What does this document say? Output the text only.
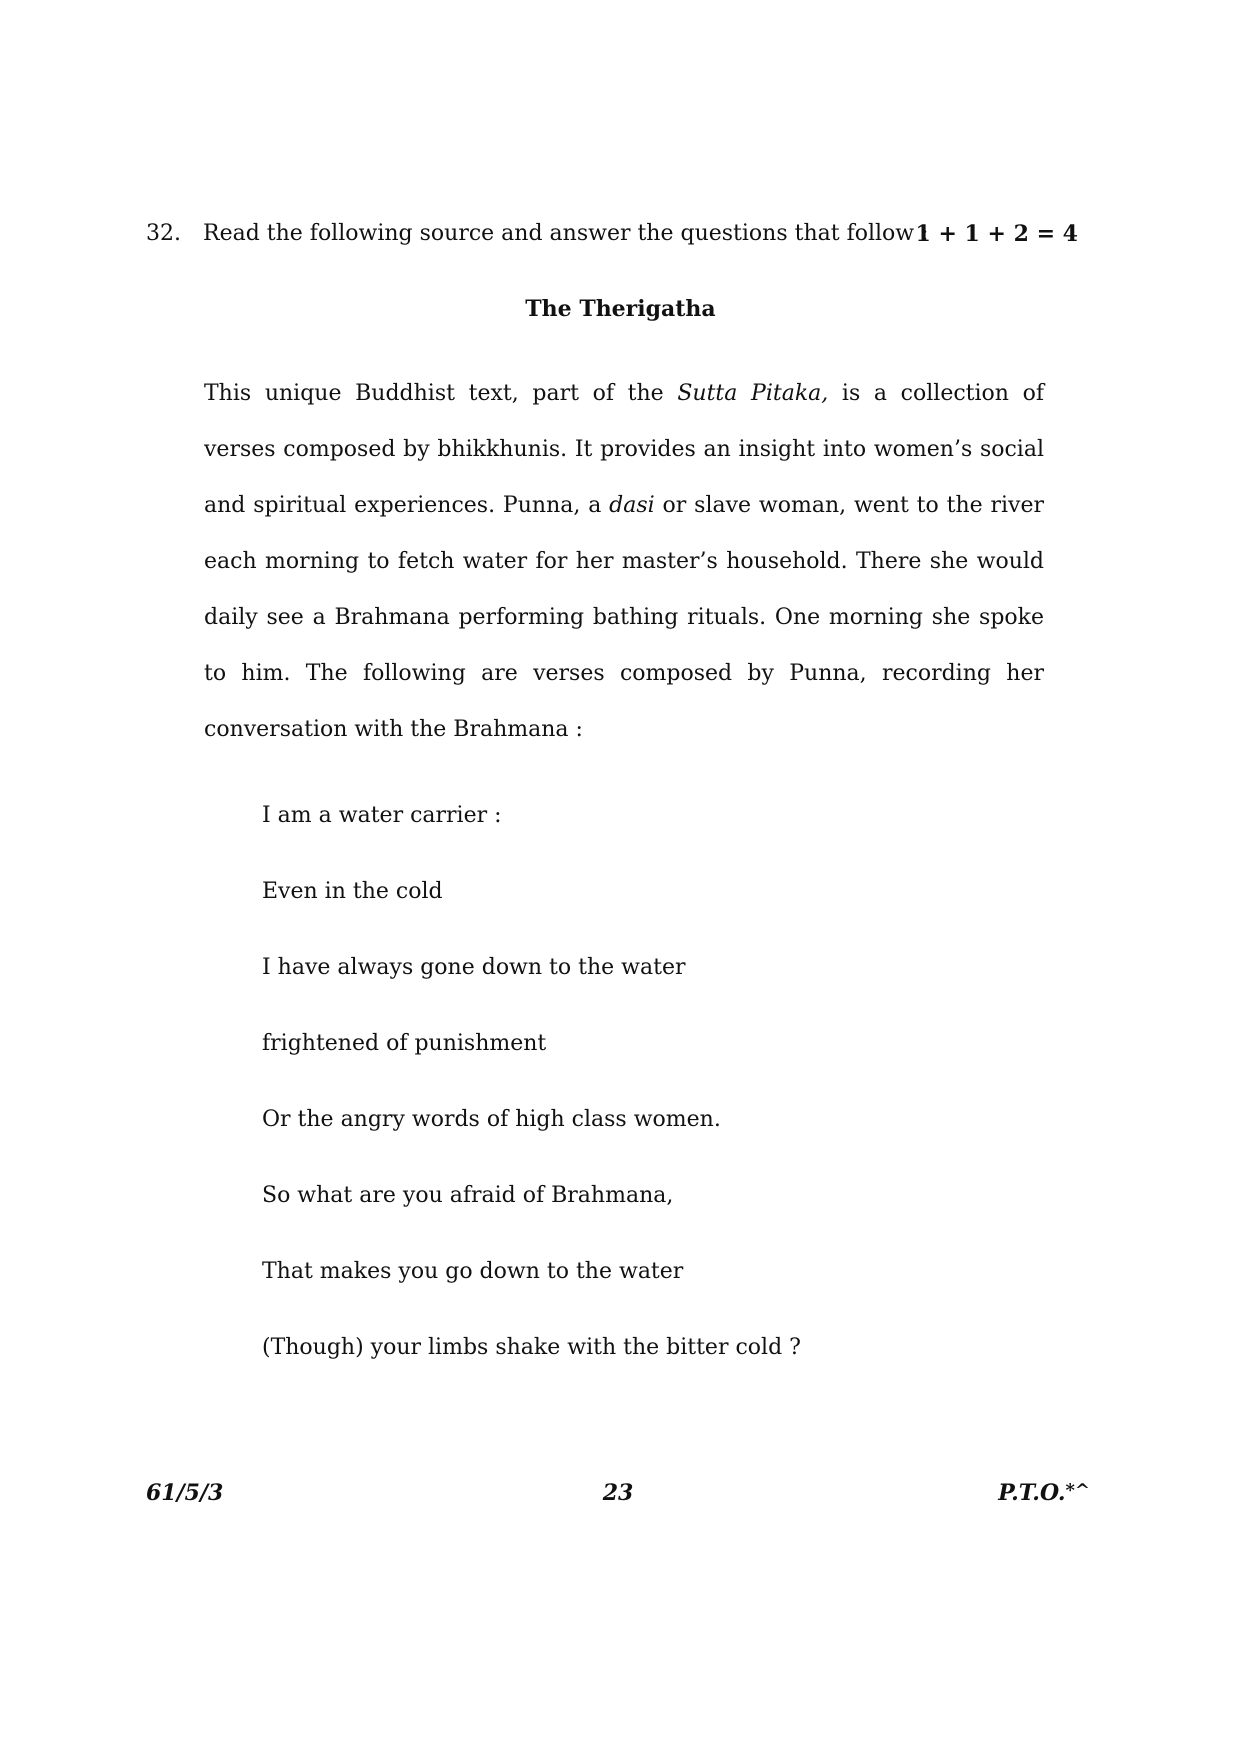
32. Read the following source and answer the questions that follow :
1 + 1 + 2 = 4
The Therigatha
This unique Buddhist text, part of the Sutta Pitaka, is a collection of
verses composed by bhikkhunis. It provides an insight into women’s social
and spiritual experiences. Punna, a dasi or slave woman, went to the river
each morning to fetch water for her master’s household. There she would
daily see a Brahmana performing bathing rituals. One morning she spoke
to him. The following are verses composed by Punna, recording her
conversation with the Brahmana :
I am a water carrier :
Even in the cold
I have always gone down to the water
frightened of punishment
Or the angry words of high class women.
So what are you afraid of Brahmana,
That makes you go down to the water
(Though) your limbs shake with the bitter cold ?
61/5/3	23	P.T.O.*^
